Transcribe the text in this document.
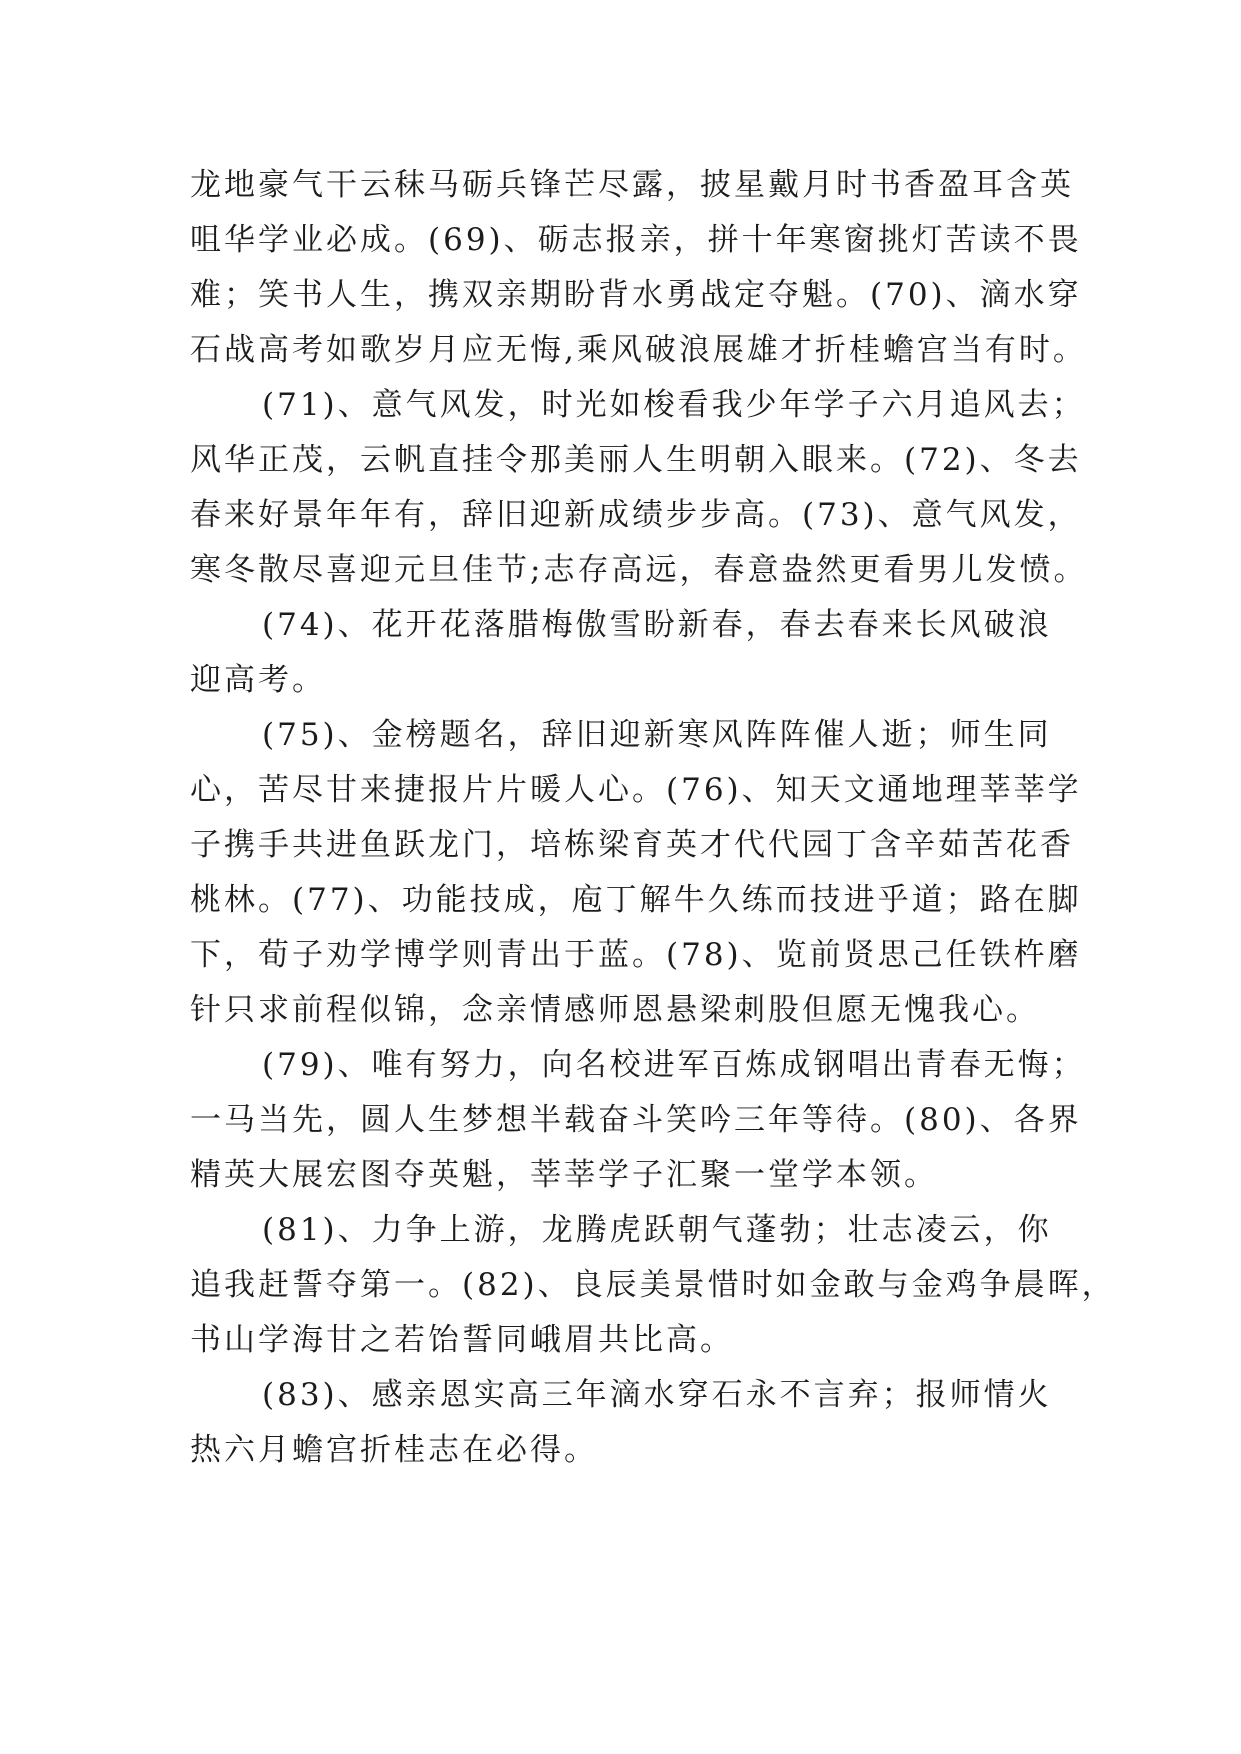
龙地豪气干云秣马砺兵锋芒尽露，披星戴月时书香盈耳含英
咀华学业必成。(69)、砺志报亲，拼十年寒窗挑灯苦读不畏
难；笑书人生，携双亲期盼背水勇战定夺魁。(70)、滴水穿
石战高考如歌岁月应无悔,乘风破浪展雄才折桂蟾宫当有时。
(71)、意气风发，时光如梭看我少年学子六月追风去；
风华正茂，云帆直挂令那美丽人生明朝入眼来。(72)、冬去
春来好景年年有，辞旧迎新成绩步步高。(73)、意气风发，
寒冬散尽喜迎元旦佳节;志存高远，春意盎然更看男儿发愤。
(74)、花开花落腊梅傲雪盼新春，春去春来长风破浪
迎高考。
(75)、金榜题名，辞旧迎新寒风阵阵催人逝；师生同
心，苦尽甘来捷报片片暖人心。(76)、知天文通地理莘莘学
子携手共进鱼跃龙门，培栋梁育英才代代园丁含辛茹苦花香
桃林。(77)、功能技成，庖丁解牛久练而技进乎道；路在脚
下，荀子劝学博学则青出于蓝。(78)、览前贤思己任铁杵磨
针只求前程似锦，念亲情感师恩悬梁刺股但愿无愧我心。
(79)、唯有努力，向名校进军百炼成钢唱出青春无悔；
一马当先，圆人生梦想半载奋斗笑吟三年等待。(80)、各界
精英大展宏图夺英魁，莘莘学子汇聚一堂学本领。
(81)、力争上游，龙腾虎跃朝气蓬勃；壮志凌云，你
追我赶誓夺第一。(82)、良辰美景惜时如金敢与金鸡争晨晖，
书山学海甘之若饴誓同峨眉共比高。
(83)、感亲恩实高三年滴水穿石永不言弃；报师情火
热六月蟾宫折桂志在必得。
